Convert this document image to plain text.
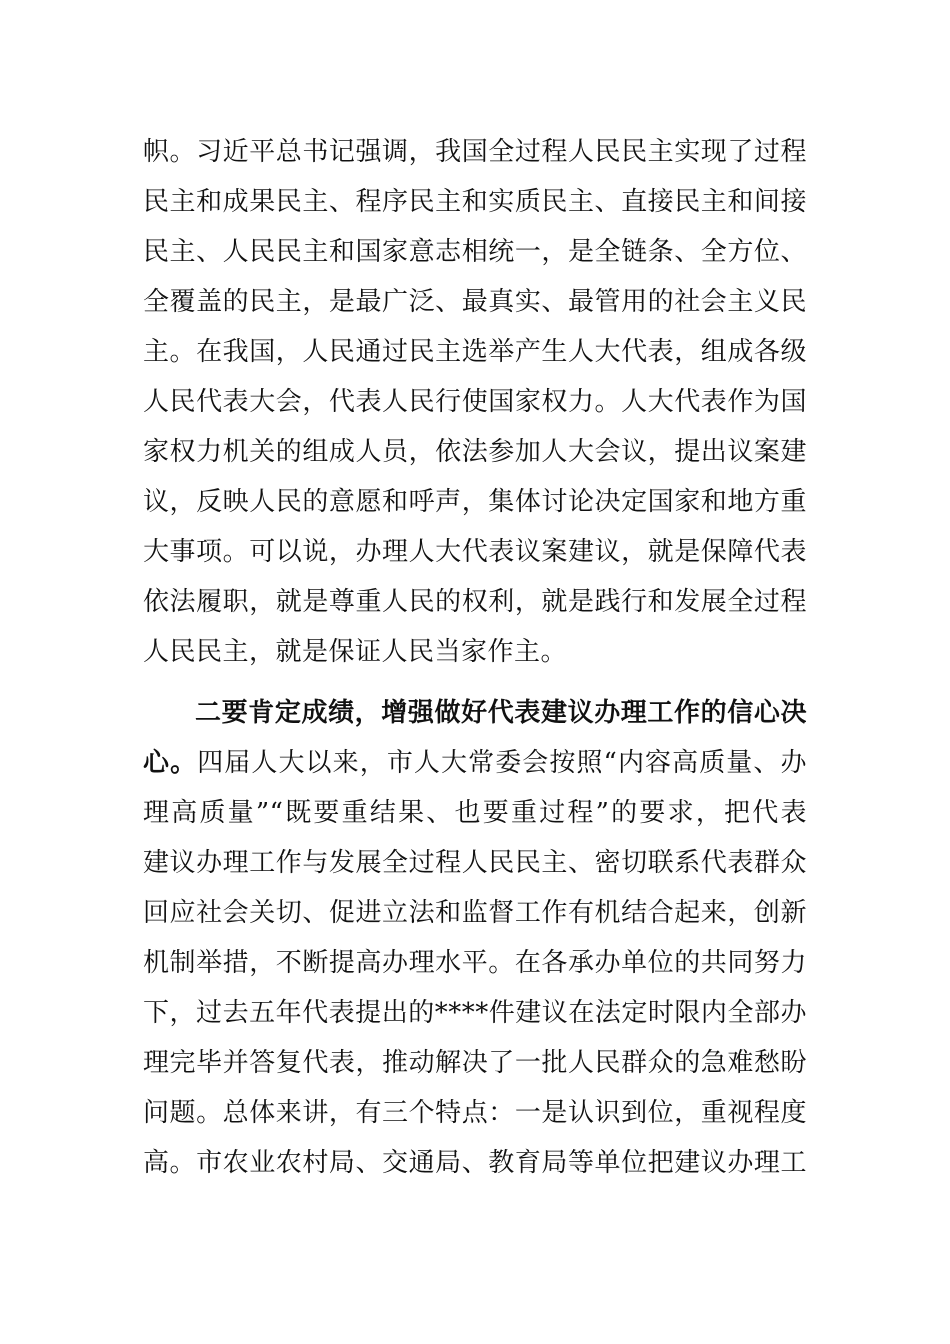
帜。习近平总书记强调，我国全过程人民民主实现了过程
民主和成果民主、程序民主和实质民主、直接民主和间接
民主、人民民主和国家意志相统一，是全链条、全方位、
全覆盖的民主，是最广泛、最真实、最管用的社会主义民
主。在我国，人民通过民主选举产生人大代表，组成各级
人民代表大会，代表人民行使国家权力。人大代表作为国
家权力机关的组成人员，依法参加人大会议，提出议案建
议，反映人民的意愿和呼声，集体讨论决定国家和地方重
大事项。可以说，办理人大代表议案建议，就是保障代表
依法履职，就是尊重人民的权利，就是践行和发展全过程
人民民主，就是保证人民当家作主。
二要肯定成绩，增强做好代表建议办理工作的信心决
心。四届人大以来，市人大常委会按照“内容高质量、办
理高质量”“既要重结果、也要重过程”的要求，把代表
建议办理工作与发展全过程人民民主、密切联系代表群众
回应社会关切、促进立法和监督工作有机结合起来，创新
机制举措，不断提高办理水平。在各承办单位的共同努力
下，过去五年代表提出的****件建议在法定时限内全部办
理完毕并答复代表，推动解决了一批人民群众的急难愁盼
问题。总体来讲，有三个特点：一是认识到位，重视程度
高。市农业农村局、交通局、教育局等单位把建议办理工
